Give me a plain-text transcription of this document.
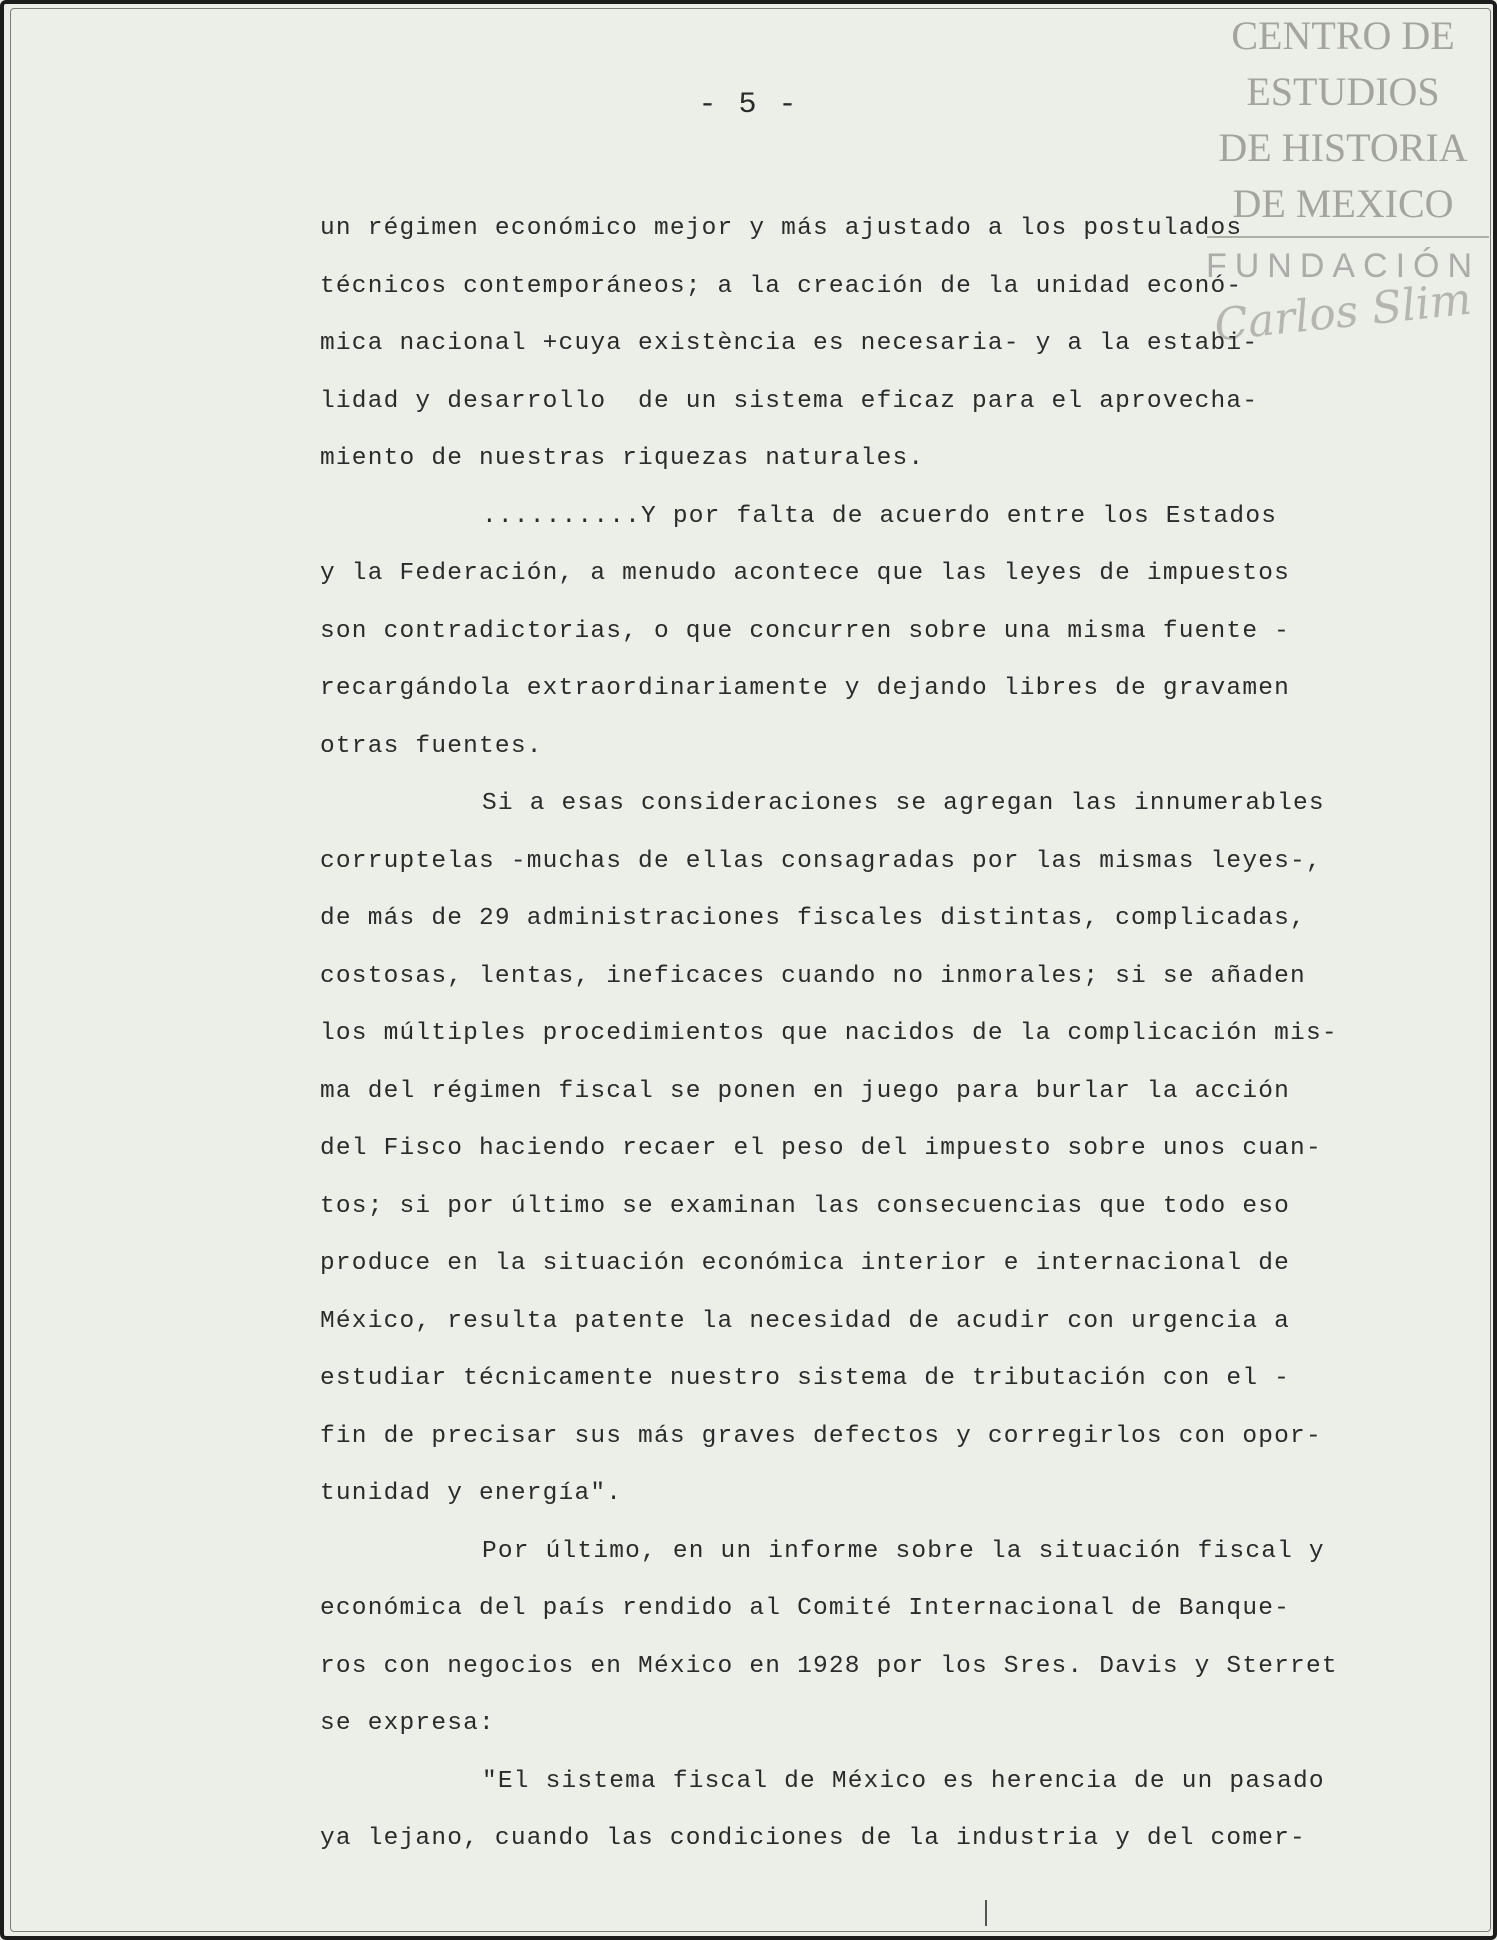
CENTRO DE
ESTUDIOS
DE HISTORIA
DE MEXICO
FUNDACIÓN
Carlos Slim
- 5 -
un régimen económico mejor y más ajustado a los postulados
técnicos contemporáneos; a la creación de la unidad econó-
mica nacional +cuya existència es necesaria- y a la estabi-
lidad y desarrollo  de un sistema eficaz para el aprovecha-
miento de nuestras riquezas naturales.
..........Y por falta de acuerdo entre los Estados
y la Federación, a menudo acontece que las leyes de impuestos
son contradictorias, o que concurren sobre una misma fuente -
recargándola extraordinariamente y dejando libres de gravamen
otras fuentes.
Si a esas consideraciones se agregan las innumerables
corruptelas -muchas de ellas consagradas por las mismas leyes-,
de más de 29 administraciones fiscales distintas, complicadas,
costosas, lentas, ineficaces cuando no inmorales; si se añaden
los múltiples procedimientos que nacidos de la complicación mis-
ma del régimen fiscal se ponen en juego para burlar la acción
del Fisco haciendo recaer el peso del impuesto sobre unos cuan-
tos; si por último se examinan las consecuencias que todo eso
produce en la situación económica interior e internacional de
México, resulta patente la necesidad de acudir con urgencia a
estudiar técnicamente nuestro sistema de tributación con el -
fin de precisar sus más graves defectos y corregirlos con opor-
tunidad y energía".
Por último, en un informe sobre la situación fiscal y
económica del país rendido al Comité Internacional de Banque-
ros con negocios en México en 1928 por los Sres. Davis y Sterret
se expresa:
"El sistema fiscal de México es herencia de un pasado
ya lejano, cuando las condiciones de la industria y del comer-
